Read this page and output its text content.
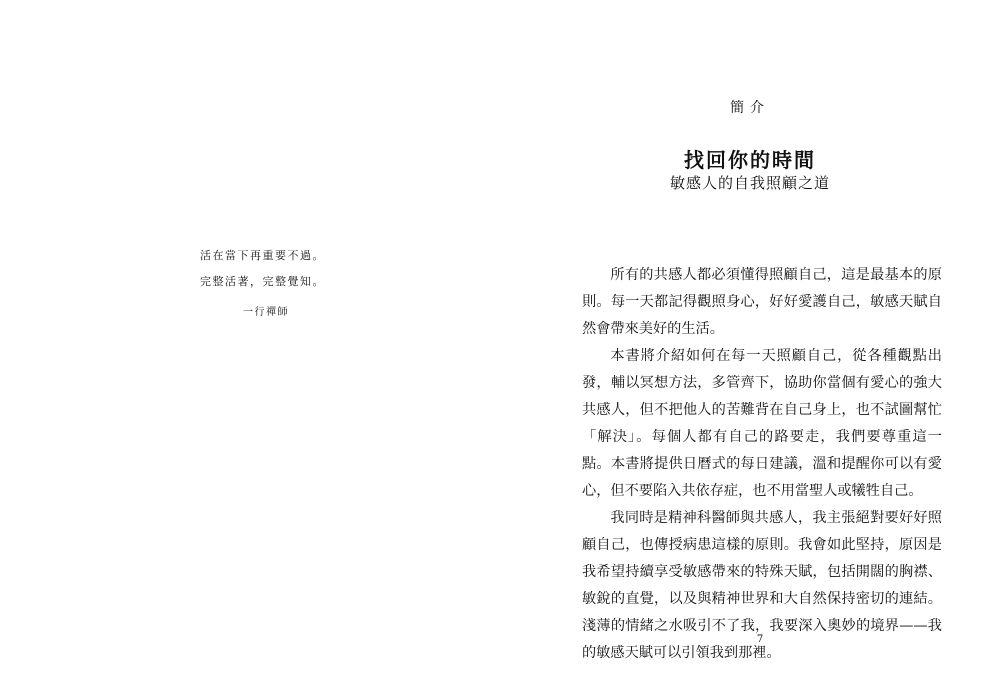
活在當下再重要不過。
完整活著，完整覺知。
一行禪師
簡介
找回你的時間
敏感人的自我照顧之道

所有的共感人都必須懂得照顧自己，這是最基本的原則。每一天都記得觀照身心，好好愛護自己，敏感天賦自然會帶來美好的生活。

本書將介紹如何在每一天照顧自己，從各種觀點出發，輔以冥想方法，多管齊下，協助你當個有愛心的強大共感人，但不把他人的苦難背在自己身上，也不試圖幫忙「解決」。每個人都有自己的路要走，我們要尊重這一點。本書將提供日曆式的每日建議，溫和提醒你可以有愛心，但不要陷入共依存症，也不用當聖人或犧牲自己。

我同時是精神科醫師與共感人，我主張絕對要好好照顧自己，也傳授病患這樣的原則。我會如此堅持，原因是我希望持續享受敏感帶來的特殊天賦，包括開闊的胸襟、敏銳的直覺，以及與精神世界和大自然保持密切的連結。淺薄的情緒之水吸引不了我，我要深入奧妙的境界——我的敏感天賦可以引領我到那裡。

7
